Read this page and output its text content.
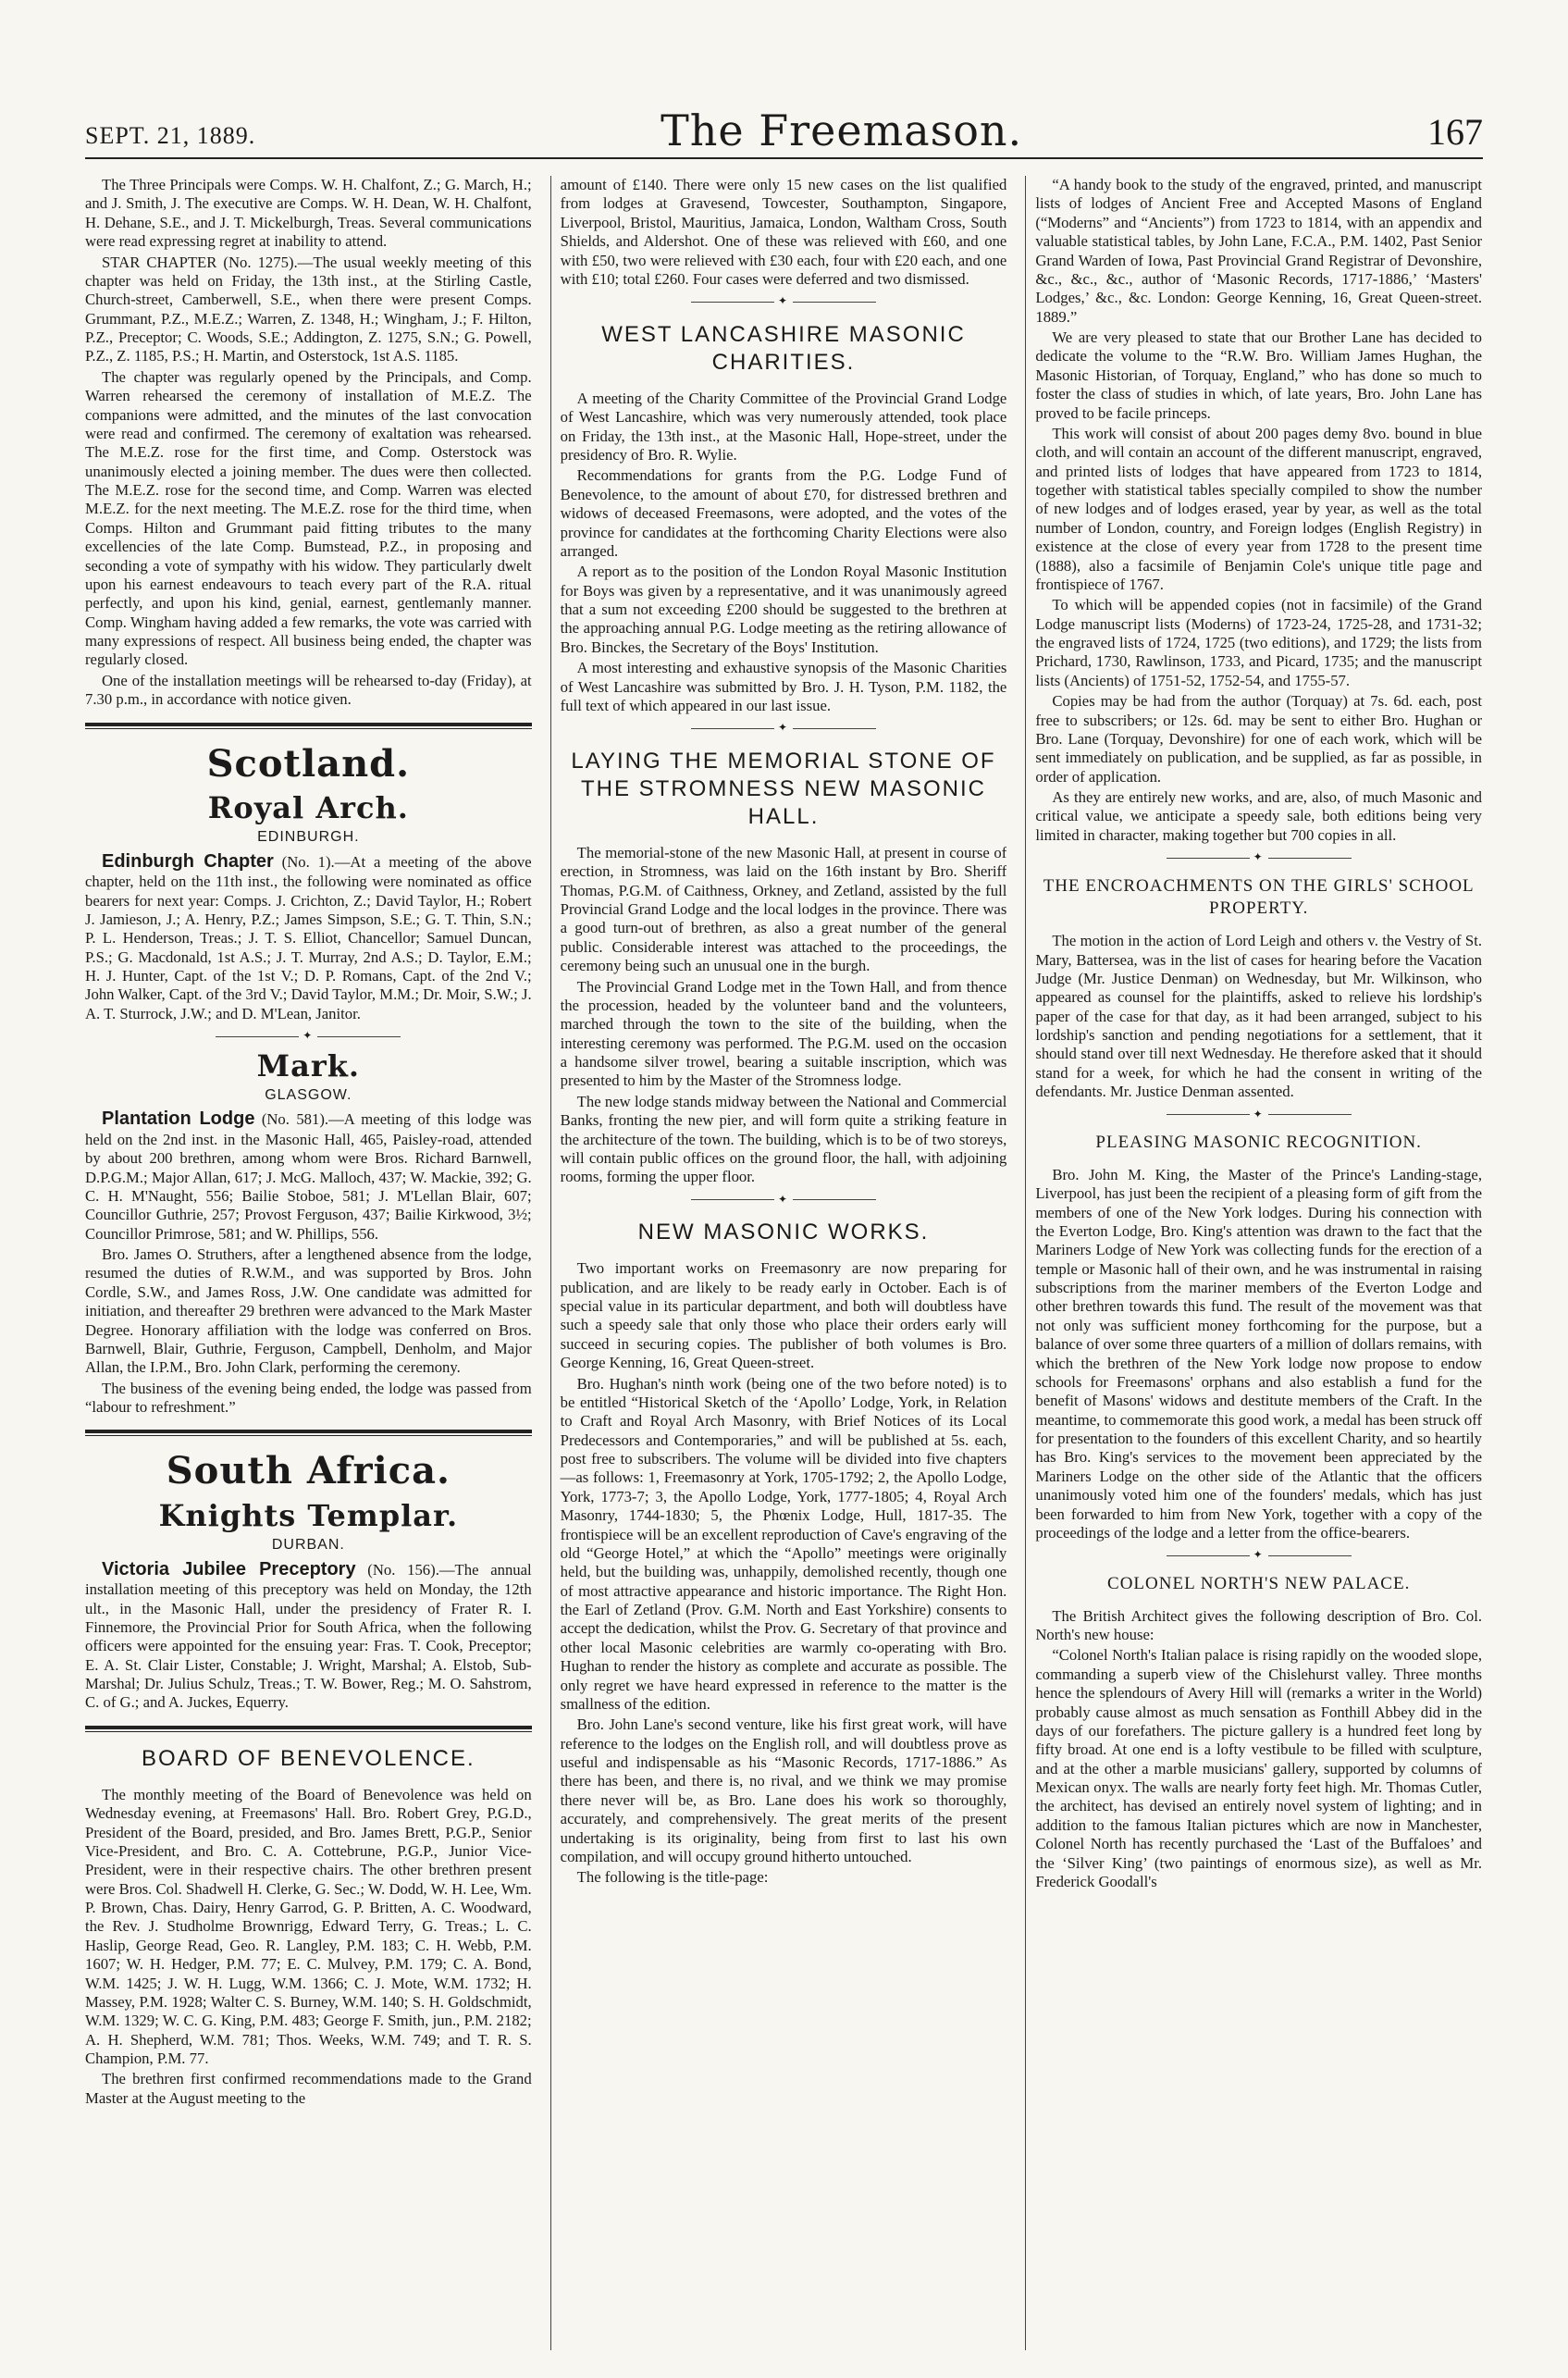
SEPT. 21, 1889.	The Freemason.	167

The Three Principals were Comps. W. H. Chalfont, Z.; G. March, H.; and J. Smith, J. The executive are Comps. W. H. Dean, W. H. Chalfont, H. Dehane, S.E., and J. T. Mickelburgh, Treas. Several communications were read expressing regret at inability to attend.

STAR CHAPTER (No. 1275).—The usual weekly meeting of this chapter was held on Friday, the 13th inst., at the Stirling Castle, Church-street, Camberwell, S.E., when there were present Comps. Grummant, P.Z., M.E.Z.; Warren, Z. 1348, H.; Wingham, J.; F. Hilton, P.Z., Preceptor; C. Woods, S.E.; Addington, Z. 1275, S.N.; G. Powell, P.Z., Z. 1185, P.S.; H. Martin, and Osterstock, 1st A.S. 1185.

The chapter was regularly opened by the Principals, and Comp. Warren rehearsed the ceremony of installation of M.E.Z. The companions were admitted, and the minutes of the last convocation were read and confirmed. The ceremony of exaltation was rehearsed. The M.E.Z. rose for the first time, and Comp. Osterstock was unanimously elected a joining member. The dues were then collected. The M.E.Z. rose for the second time, and Comp. Warren was elected M.E.Z. for the next meeting. The M.E.Z. rose for the third time, when Comps. Hilton and Grummant paid fitting tributes to the many excellencies of the late Comp. Bumstead, P.Z., in proposing and seconding a vote of sympathy with his widow. They particularly dwelt upon his earnest endeavours to teach every part of the R.A. ritual perfectly, and upon his kind, genial, earnest, gentlemanly manner. Comp. Wingham having added a few remarks, the vote was carried with many expressions of respect. All business being ended, the chapter was regularly closed.

One of the installation meetings will be rehearsed to-day (Friday), at 7.30 p.m., in accordance with notice given.

Scotland.
Royal Arch.
EDINBURGH.

Edinburgh Chapter (No. 1).—At a meeting of the above chapter, held on the 11th inst., the following were nominated as office bearers for next year: Comps. J. Crichton, Z.; David Taylor, H.; Robert J. Jamieson, J.; A. Henry, P.Z.; James Simpson, S.E.; G. T. Thin, S.N.; P. L. Henderson, Treas.; J. T. S. Elliot, Chancellor; Samuel Duncan, P.S.; G. Macdonald, 1st A.S.; J. T. Murray, 2nd A.S.; D. Taylor, E.M.; H. J. Hunter, Capt. of the 1st V.; D. P. Romans, Capt. of the 2nd V.; John Walker, Capt. of the 3rd V.; David Taylor, M.M.; Dr. Moir, S.W.; J. A. T. Sturrock, J.W.; and D. M'Lean, Janitor.

✦
Mark.
GLASGOW.

Plantation Lodge (No. 581).—A meeting of this lodge was held on the 2nd inst. in the Masonic Hall, 465, Paisley-road, attended by about 200 brethren, among whom were Bros. Richard Barnwell, D.P.G.M.; Major Allan, 617; J. McG. Malloch, 437; W. Mackie, 392; G. C. H. M'Naught, 556; Bailie Stoboe, 581; J. M'Lellan Blair, 607; Councillor Guthrie, 257; Provost Ferguson, 437; Bailie Kirkwood, 3½; Councillor Primrose, 581; and W. Phillips, 556.

Bro. James O. Struthers, after a lengthened absence from the lodge, resumed the duties of R.W.M., and was supported by Bros. John Cordle, S.W., and James Ross, J.W. One candidate was admitted for initiation, and thereafter 29 brethren were advanced to the Mark Master Degree. Honorary affiliation with the lodge was conferred on Bros. Barnwell, Blair, Guthrie, Ferguson, Campbell, Denholm, and Major Allan, the I.P.M., Bro. John Clark, performing the ceremony.

The business of the evening being ended, the lodge was passed from “labour to refreshment.”

South Africa.
Knights Templar.
DURBAN.

Victoria Jubilee Preceptory (No. 156).—The annual installation meeting of this preceptory was held on Monday, the 12th ult., in the Masonic Hall, under the presidency of Frater R. I. Finnemore, the Provincial Prior for South Africa, when the following officers were appointed for the ensuing year: Fras. T. Cook, Preceptor; E. A. St. Clair Lister, Constable; J. Wright, Marshal; A. Elstob, Sub-Marshal; Dr. Julius Schulz, Treas.; T. W. Bower, Reg.; M. O. Sahstrom, C. of G.; and A. Juckes, Equerry.

BOARD OF BENEVOLENCE.

The monthly meeting of the Board of Benevolence was held on Wednesday evening, at Freemasons' Hall. Bro. Robert Grey, P.G.D., President of the Board, presided, and Bro. James Brett, P.G.P., Senior Vice-President, and Bro. C. A. Cottebrune, P.G.P., Junior Vice-President, were in their respective chairs. The other brethren present were Bros. Col. Shadwell H. Clerke, G. Sec.; W. Dodd, W. H. Lee, Wm. P. Brown, Chas. Dairy, Henry Garrod, G. P. Britten, A. C. Woodward, the Rev. J. Studholme Brownrigg, Edward Terry, G. Treas.; L. C. Haslip, George Read, Geo. R. Langley, P.M. 183; C. H. Webb, P.M. 1607; W. H. Hedger, P.M. 77; E. C. Mulvey, P.M. 179; C. A. Bond, W.M. 1425; J. W. H. Lugg, W.M. 1366; C. J. Mote, W.M. 1732; H. Massey, P.M. 1928; Walter C. S. Burney, W.M. 140; S. H. Goldschmidt, W.M. 1329; W. C. G. King, P.M. 483; George F. Smith, jun., P.M. 2182; A. H. Shepherd, W.M. 781; Thos. Weeks, W.M. 749; and T. R. S. Champion, P.M. 77.

The brethren first confirmed recommendations made to the Grand Master at the August meeting to the

amount of £140. There were only 15 new cases on the list qualified from lodges at Gravesend, Towcester, Southampton, Singapore, Liverpool, Bristol, Mauritius, Jamaica, London, Waltham Cross, South Shields, and Aldershot. One of these was relieved with £60, and one with £50, two were relieved with £30 each, four with £20 each, and one with £10; total £260. Four cases were deferred and two dismissed.

✦
WEST LANCASHIRE MASONIC CHARITIES.

A meeting of the Charity Committee of the Provincial Grand Lodge of West Lancashire, which was very numerously attended, took place on Friday, the 13th inst., at the Masonic Hall, Hope-street, under the presidency of Bro. R. Wylie.

Recommendations for grants from the P.G. Lodge Fund of Benevolence, to the amount of about £70, for distressed brethren and widows of deceased Freemasons, were adopted, and the votes of the province for candidates at the forthcoming Charity Elections were also arranged.

A report as to the position of the London Royal Masonic Institution for Boys was given by a representative, and it was unanimously agreed that a sum not exceeding £200 should be suggested to the brethren at the approaching annual P.G. Lodge meeting as the retiring allowance of Bro. Binckes, the Secretary of the Boys' Institution.

A most interesting and exhaustive synopsis of the Masonic Charities of West Lancashire was submitted by Bro. J. H. Tyson, P.M. 1182, the full text of which appeared in our last issue.

✦
LAYING THE MEMORIAL STONE OF THE STROMNESS NEW MASONIC HALL.

The memorial-stone of the new Masonic Hall, at present in course of erection, in Stromness, was laid on the 16th instant by Bro. Sheriff Thomas, P.G.M. of Caithness, Orkney, and Zetland, assisted by the full Provincial Grand Lodge and the local lodges in the province. There was a good turn-out of brethren, as also a great number of the general public. Considerable interest was attached to the proceedings, the ceremony being such an unusual one in the burgh.

The Provincial Grand Lodge met in the Town Hall, and from thence the procession, headed by the volunteer band and the volunteers, marched through the town to the site of the building, when the interesting ceremony was performed. The P.G.M. used on the occasion a handsome silver trowel, bearing a suitable inscription, which was presented to him by the Master of the Stromness lodge.

The new lodge stands midway between the National and Commercial Banks, fronting the new pier, and will form quite a striking feature in the architecture of the town. The building, which is to be of two storeys, will contain public offices on the ground floor, the hall, with adjoining rooms, forming the upper floor.

✦
NEW MASONIC WORKS.

Two important works on Freemasonry are now preparing for publication, and are likely to be ready early in October. Each is of special value in its particular department, and both will doubtless have such a speedy sale that only those who place their orders early will succeed in securing copies. The publisher of both volumes is Bro. George Kenning, 16, Great Queen-street.

Bro. Hughan's ninth work (being one of the two before noted) is to be entitled “Historical Sketch of the ‘Apollo’ Lodge, York, in Relation to Craft and Royal Arch Masonry, with Brief Notices of its Local Predecessors and Contemporaries,” and will be published at 5s. each, post free to subscribers. The volume will be divided into five chapters—as follows: 1, Freemasonry at York, 1705-1792; 2, the Apollo Lodge, York, 1773-7; 3, the Apollo Lodge, York, 1777-1805; 4, Royal Arch Masonry, 1744-1830; 5, the Phœnix Lodge, Hull, 1817-35. The frontispiece will be an excellent reproduction of Cave's engraving of the old “George Hotel,” at which the “Apollo” meetings were originally held, but the building was, unhappily, demolished recently, though one of most attractive appearance and historic importance. The Right Hon. the Earl of Zetland (Prov. G.M. North and East Yorkshire) consents to accept the dedication, whilst the Prov. G. Secretary of that province and other local Masonic celebrities are warmly co-operating with Bro. Hughan to render the history as complete and accurate as possible. The only regret we have heard expressed in reference to the matter is the smallness of the edition.

Bro. John Lane's second venture, like his first great work, will have reference to the lodges on the English roll, and will doubtless prove as useful and indispensable as his “Masonic Records, 1717-1886.” As there has been, and there is, no rival, and we think we may promise there never will be, as Bro. Lane does his work so thoroughly, accurately, and comprehensively. The great merits of the present undertaking is its originality, being from first to last his own compilation, and will occupy ground hitherto untouched.

The following is the title-page:

“A handy book to the study of the engraved, printed, and manuscript lists of lodges of Ancient Free and Accepted Masons of England (“Moderns” and “Ancients”) from 1723 to 1814, with an appendix and valuable statistical tables, by John Lane, F.C.A., P.M. 1402, Past Senior Grand Warden of Iowa, Past Provincial Grand Registrar of Devonshire, &c., &c., &c., author of ‘Masonic Records, 1717-1886,’ ‘Masters' Lodges,’ &c., &c. London: George Kenning, 16, Great Queen-street. 1889.”

We are very pleased to state that our Brother Lane has decided to dedicate the volume to the “R.W. Bro. William James Hughan, the Masonic Historian, of Torquay, England,” who has done so much to foster the class of studies in which, of late years, Bro. John Lane has proved to be facile princeps.

This work will consist of about 200 pages demy 8vo. bound in blue cloth, and will contain an account of the different manuscript, engraved, and printed lists of lodges that have appeared from 1723 to 1814, together with statistical tables specially compiled to show the number of new lodges and of lodges erased, year by year, as well as the total number of London, country, and Foreign lodges (English Registry) in existence at the close of every year from 1728 to the present time (1888), also a facsimile of Benjamin Cole's unique title page and frontispiece of 1767.

To which will be appended copies (not in facsimile) of the Grand Lodge manuscript lists (Moderns) of 1723-24, 1725-28, and 1731-32; the engraved lists of 1724, 1725 (two editions), and 1729; the lists from Prichard, 1730, Rawlinson, 1733, and Picard, 1735; and the manuscript lists (Ancients) of 1751-52, 1752-54, and 1755-57.

Copies may be had from the author (Torquay) at 7s. 6d. each, post free to subscribers; or 12s. 6d. may be sent to either Bro. Hughan or Bro. Lane (Torquay, Devonshire) for one of each work, which will be sent immediately on publication, and be supplied, as far as possible, in order of application.

As they are entirely new works, and are, also, of much Masonic and critical value, we anticipate a speedy sale, both editions being very limited in character, making together but 700 copies in all.

✦
THE ENCROACHMENTS ON THE GIRLS' SCHOOL PROPERTY.

The motion in the action of Lord Leigh and others v. the Vestry of St. Mary, Battersea, was in the list of cases for hearing before the Vacation Judge (Mr. Justice Denman) on Wednesday, but Mr. Wilkinson, who appeared as counsel for the plaintiffs, asked to relieve his lordship's paper of the case for that day, as it had been arranged, subject to his lordship's sanction and pending negotiations for a settlement, that it should stand over till next Wednesday. He therefore asked that it should stand for a week, for which he had the consent in writing of the defendants. Mr. Justice Denman assented.

✦
PLEASING MASONIC RECOGNITION.

Bro. John M. King, the Master of the Prince's Landing-stage, Liverpool, has just been the recipient of a pleasing form of gift from the members of one of the New York lodges. During his connection with the Everton Lodge, Bro. King's attention was drawn to the fact that the Mariners Lodge of New York was collecting funds for the erection of a temple or Masonic hall of their own, and he was instrumental in raising subscriptions from the mariner members of the Everton Lodge and other brethren towards this fund. The result of the movement was that not only was sufficient money forthcoming for the purpose, but a balance of over some three quarters of a million of dollars remains, with which the brethren of the New York lodge now propose to endow schools for Freemasons' orphans and also establish a fund for the benefit of Masons' widows and destitute members of the Craft. In the meantime, to commemorate this good work, a medal has been struck off for presentation to the founders of this excellent Charity, and so heartily has Bro. King's services to the movement been appreciated by the Mariners Lodge on the other side of the Atlantic that the officers unanimously voted him one of the founders' medals, which has just been forwarded to him from New York, together with a copy of the proceedings of the lodge and a letter from the office-bearers.

✦
COLONEL NORTH'S NEW PALACE.

The British Architect gives the following description of Bro. Col. North's new house:

“Colonel North's Italian palace is rising rapidly on the wooded slope, commanding a superb view of the Chislehurst valley. Three months hence the splendours of Avery Hill will (remarks a writer in the World) probably cause almost as much sensation as Fonthill Abbey did in the days of our forefathers. The picture gallery is a hundred feet long by fifty broad. At one end is a lofty vestibule to be filled with sculpture, and at the other a marble musicians' gallery, supported by columns of Mexican onyx. The walls are nearly forty feet high. Mr. Thomas Cutler, the architect, has devised an entirely novel system of lighting; and in addition to the famous Italian pictures which are now in Manchester, Colonel North has recently purchased the ‘Last of the Buffaloes’ and the ‘Silver King’ (two paintings of enormous size), as well as Mr. Frederick Goodall's
